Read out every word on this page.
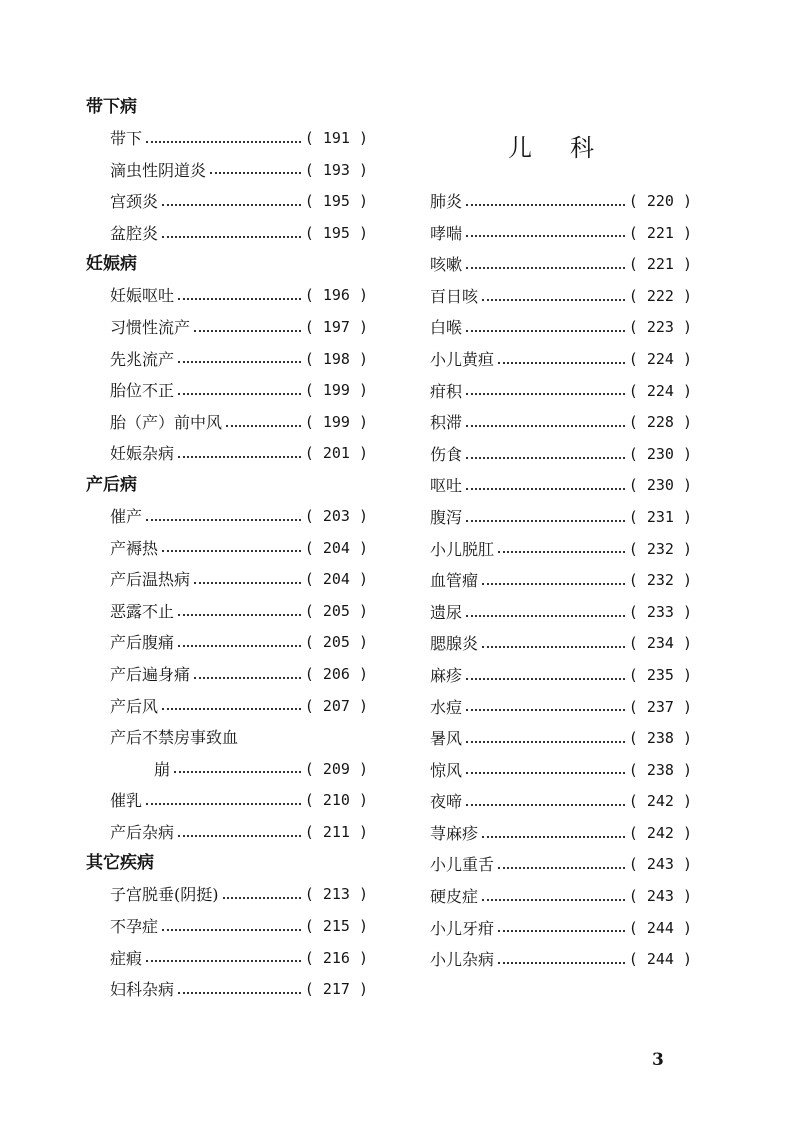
带下病
带下	( 191 )
滴虫性阴道炎	( 193 )
宫颈炎	( 195 )
盆腔炎	( 195 )
妊娠病
妊娠呕吐	( 196 )
习惯性流产	( 197 )
先兆流产	( 198 )
胎位不正	( 199 )
胎（产）前中风	( 199 )
妊娠杂病	( 201 )
产后病
催产	( 203 )
产褥热	( 204 )
产后温热病	( 204 )
恶露不止	( 205 )
产后腹痛	( 205 )
产后遍身痛	( 206 )
产后风	( 207 )
产后不禁房事致血
崩	( 209 )
催乳	( 210 )
产后杂病	( 211 )
其它疾病
子宫脱垂(阴挺)	( 213 )
不孕症	( 215 )
症瘕	( 216 )
妇科杂病	( 217 )
儿科
肺炎	( 220 )
哮喘	( 221 )
咳嗽	( 221 )
百日咳	( 222 )
白喉	( 223 )
小儿黄疸	( 224 )
疳积	( 224 )
积滞	( 228 )
伤食	( 230 )
呕吐	( 230 )
腹泻	( 231 )
小儿脱肛	( 232 )
血管瘤	( 232 )
遗尿	( 233 )
腮腺炎	( 234 )
麻疹	( 235 )
水痘	( 237 )
暑风	( 238 )
惊风	( 238 )
夜啼	( 242 )
荨麻疹	( 242 )
小儿重舌	( 243 )
硬皮症	( 243 )
小儿牙疳	( 244 )
小儿杂病	( 244 )
3
